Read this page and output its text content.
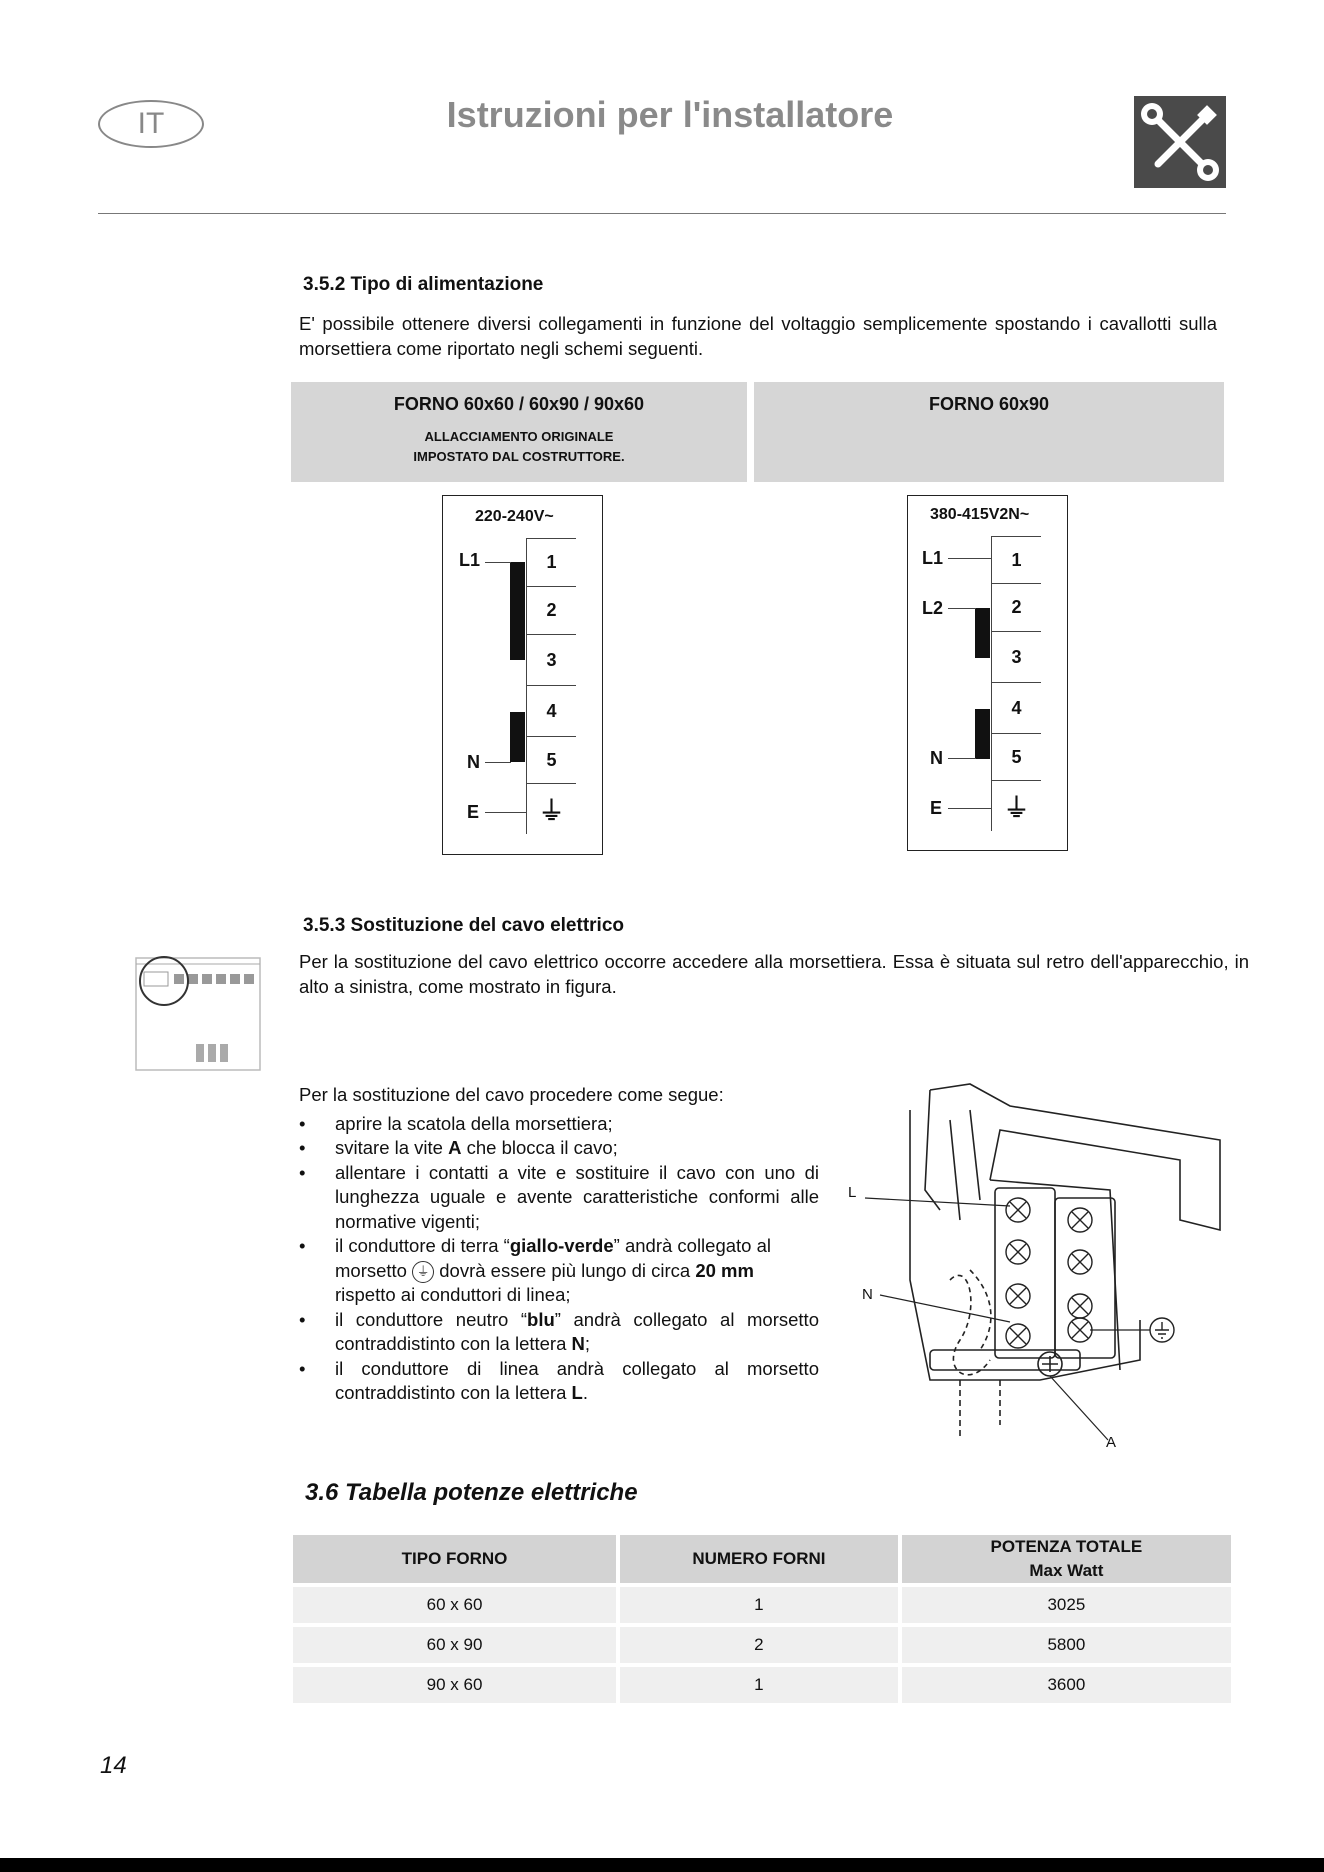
IT	Istruzioni per l'installatore
3.5.2 Tipo di alimentazione
E' possibile ottenere diversi collegamenti in funzione del voltaggio semplicemente spostando i cavallotti sulla morsettiera come riportato negli schemi seguenti.
FORNO 60x60 / 60x90 / 90x60
ALLACCIAMENTO ORIGINALE
IMPOSTATO DAL COSTRUTTORE.
FORNO 60x90
220-240V~
1
2
3
4
5
⏚
L1
N
E
380-415V2N~
1
2
3
4
5
⏚
L1
L2
N
E
3.5.3 Sostituzione del cavo elettrico
Per la sostituzione del cavo elettrico occorre accedere alla morsettiera. Essa è situata sul retro dell'apparecchio, in alto a sinistra, come mostrato in figura.
Per la sostituzione del cavo procedere come segue:
• aprire la scatola della morsettiera;
• svitare la vite A che blocca il cavo;
• allentare i contatti a vite e sostituire il cavo con uno di lunghezza uguale e avente caratteristiche conformi alle normative vigenti;
• il conduttore di terra “giallo-verde” andrà collegato al morsetto ⏚ dovrà essere più lungo di circa 20 mm rispetto ai conduttori di linea;
• il conduttore neutro “blu” andrà collegato al morsetto contraddistinto con la lettera N;
• il conduttore di linea andrà collegato al morsetto contraddistinto con la lettera L.
L
N
A
3.6 Tabella potenze elettriche
TIPO FORNO	NUMERO FORNI	POTENZA TOTALE
Max Watt

60 x 60	1	3025
60 x 90	2	5800
90 x 60	1	3600
14
